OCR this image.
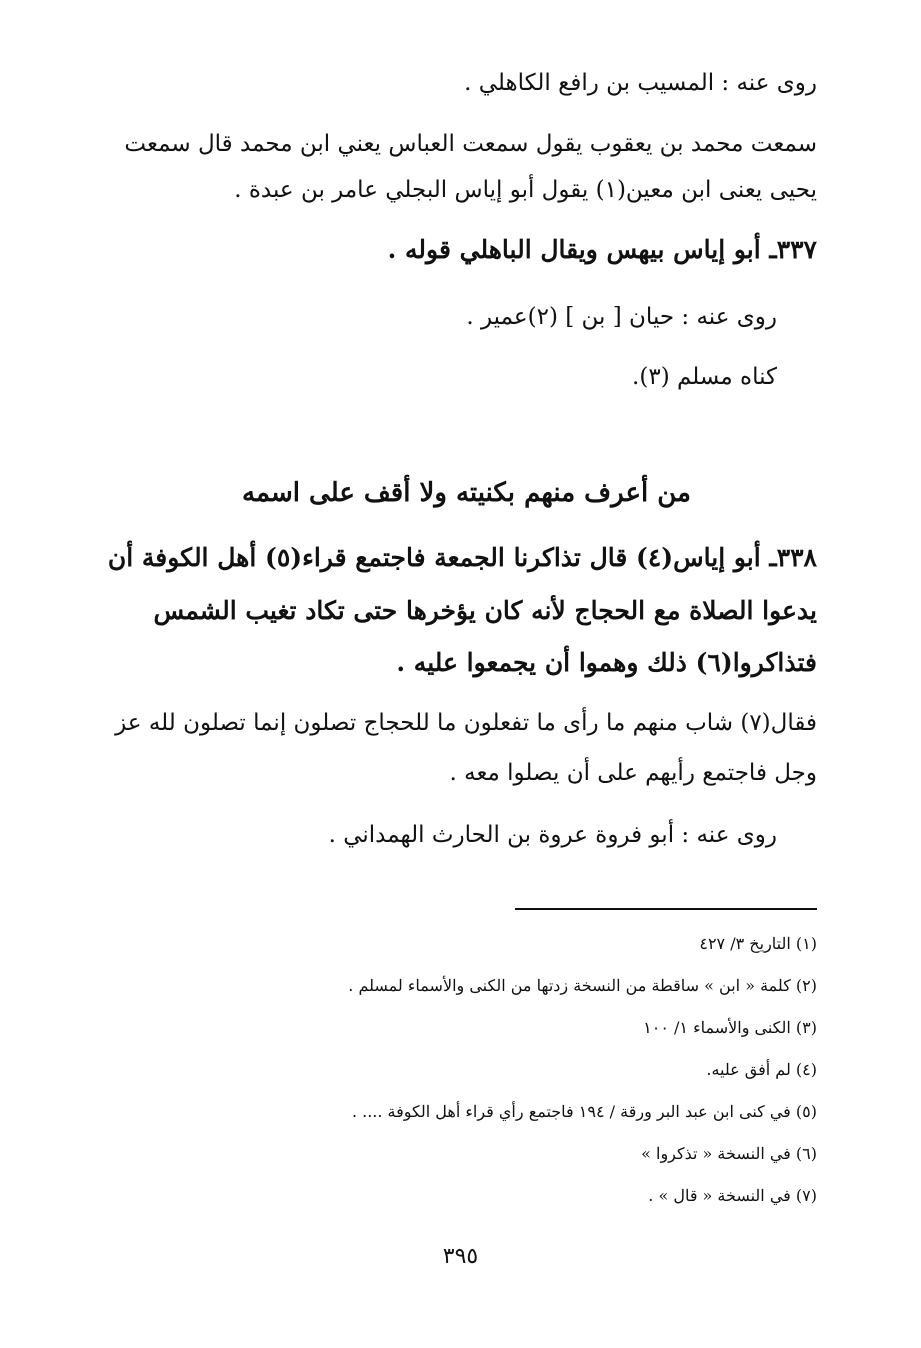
روى عنه : المسيب بن رافع الكاهلي .

سمعت محمد بن يعقوب يقول سمعت العباس يعني ابن محمد قال سمعت

يحيى يعنى ابن معين(١) يقول أبو إياس البجلي عامر بن عبدة .

٣٣٧ـ أبو إياس بيهس ويقال الباهلي قوله .

روى عنه : حيان [ بن ] (٢)عمير .

كناه مسلم (٣).

من أعرف منهم بكنيته ولا أقف على اسمه

٣٣٨ـ أبو إياس(٤) قال تذاكرنا الجمعة فاجتمع قراء(٥) أهل الكوفة أن

يدعوا الصلاة مع الحجاج لأنه كان يؤخرها حتى تكاد تغيب الشمس

فتذاكروا(٦) ذلك وهموا أن يجمعوا عليه .

فقال(٧) شاب منهم ما رأى ما تفعلون ما للحجاج تصلون إنما تصلون لله عز

وجل فاجتمع رأيهم على أن يصلوا معه .

روى عنه : أبو فروة عروة بن الحارث الهمداني .

(١) التاريخ ٣/ ٤٢٧

(٢) كلمة « ابن » ساقطة من النسخة زدتها من الكنى والأسماء لمسلم .

(٣) الكنى والأسماء ١/ ١٠٠

(٤) لم أفق عليه.

(٥) في كنى ابن عبد البر ورقة / ١٩٤ فاجتمع رأي قراء أهل الكوفة .... .

(٦) في النسخة « تذكروا »

(٧) في النسخة « قال » .

٣٩٥
